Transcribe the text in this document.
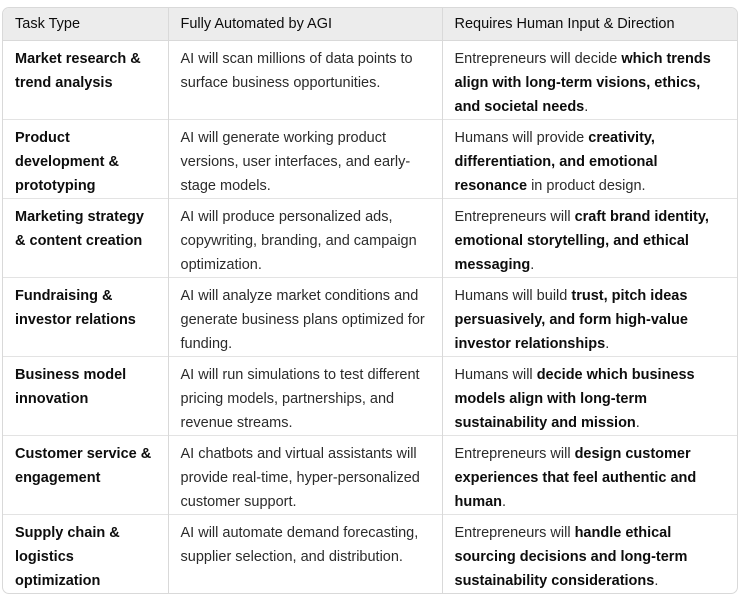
Task Type	Fully Automated by AGI	Requires Human Input & Direction
Market research & trend analysis	AI will scan millions of data points to surface business opportunities.	Entrepreneurs will decide which trends align with long-term visions, ethics, and societal needs.
Product development & prototyping	AI will generate working product versions, user interfaces, and early-stage models.	Humans will provide creativity, differentiation, and emotional resonance in product design.
Marketing strategy & content creation	AI will produce personalized ads, copywriting, branding, and campaign optimization.	Entrepreneurs will craft brand identity, emotional storytelling, and ethical messaging.
Fundraising & investor relations	AI will analyze market conditions and generate business plans optimized for funding.	Humans will build trust, pitch ideas persuasively, and form high-value investor relationships.
Business model innovation	AI will run simulations to test different pricing models, partnerships, and revenue streams.	Humans will decide which business models align with long-term sustainability and mission.
Customer service & engagement	AI chatbots and virtual assistants will provide real-time, hyper-personalized customer support.	Entrepreneurs will design customer experiences that feel authentic and human.
Supply chain & logistics optimization	AI will automate demand forecasting, supplier selection, and distribution.	Entrepreneurs will handle ethical sourcing decisions and long-term sustainability considerations.
